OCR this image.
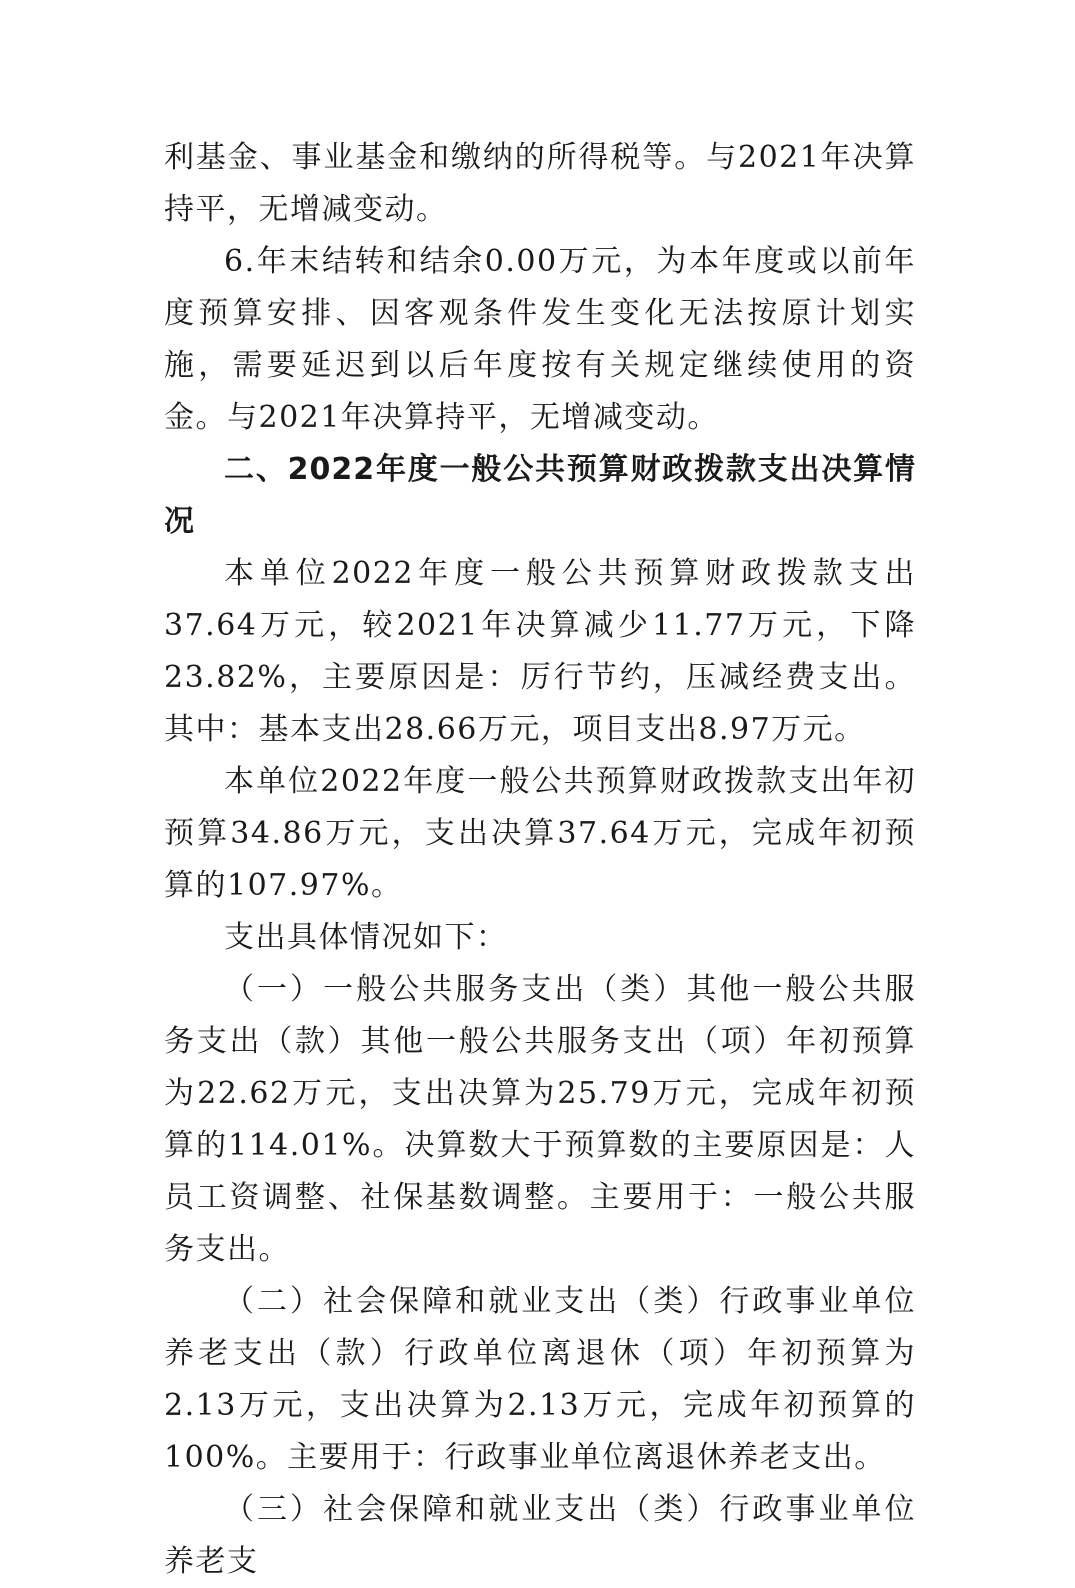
利基金、事业基金和缴纳的所得税等。与2021年决算持平，无增减变动。

6.年末结转和结余0.00万元，为本年度或以前年度预算安排、因客观条件发生变化无法按原计划实施，需要延迟到以后年度按有关规定继续使用的资金。与2021年决算持平，无增减变动。

二、2022年度一般公共预算财政拨款支出决算情况

本单位2022年度一般公共预算财政拨款支出37.64万元，较2021年决算减少11.77万元，下降23.82%，主要原因是：厉行节约，压减经费支出。其中：基本支出28.66万元，项目支出8.97万元。

本单位2022年度一般公共预算财政拨款支出年初预算34.86万元，支出决算37.64万元，完成年初预算的107.97%。

支出具体情况如下：

（一）一般公共服务支出（类）其他一般公共服务支出（款）其他一般公共服务支出（项）年初预算为22.62万元，支出决算为25.79万元，完成年初预算的114.01%。决算数大于预算数的主要原因是：人员工资调整、社保基数调整。主要用于：一般公共服务支出。

（二）社会保障和就业支出（类）行政事业单位养老支出（款）行政单位离退休（项）年初预算为2.13万元，支出决算为2.13万元，完成年初预算的100%。主要用于：行政事业单位离退休养老支出。

（三）社会保障和就业支出（类）行政事业单位养老支
